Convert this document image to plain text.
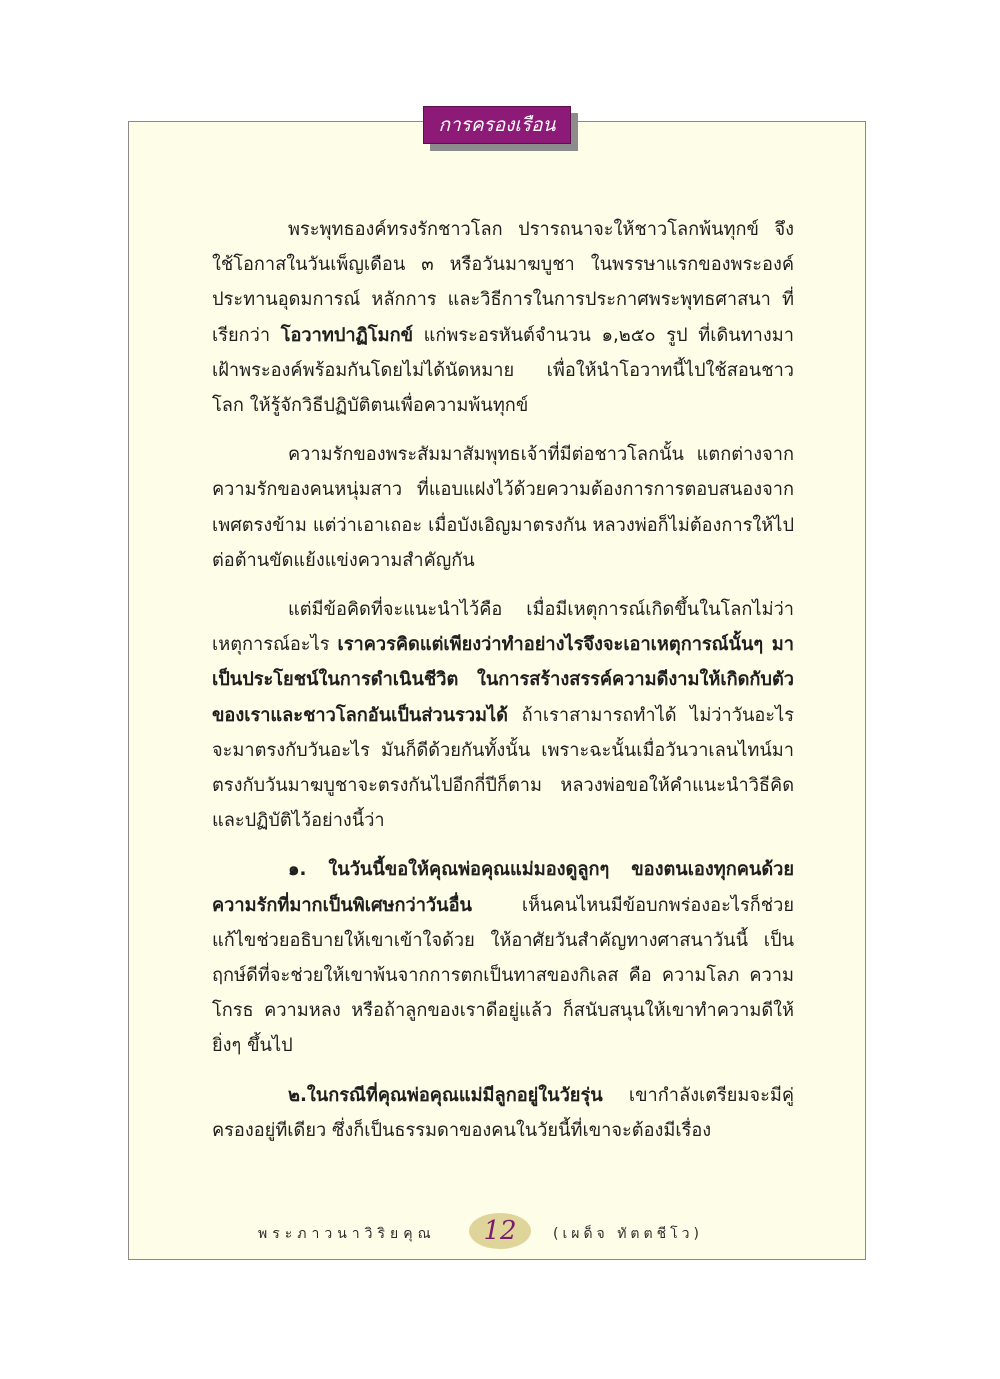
การครองเรือน

พระพุทธองค์ทรงรักชาวโลก ปรารถนาจะให้ชาวโลกพ้นทุกข์ จึงใช้โอกาสในวันเพ็ญเดือน ๓ หรือวันมาฆบูชา ในพรรษาแรกของพระองค์ประทานอุดมการณ์ หลักการ และวิธีการในการประกาศพระพุทธศาสนา ที่เรียกว่า โอวาทปาฏิโมกข์ แก่พระอรหันต์จำนวน ๑,๒๕๐ รูป ที่เดินทางมาเฝ้าพระองค์พร้อมกันโดยไม่ได้นัดหมาย เพื่อให้นำโอวาทนี้ไปใช้สอนชาวโลก ให้รู้จักวิธีปฏิบัติตนเพื่อความพ้นทุกข์

ความรักของพระสัมมาสัมพุทธเจ้าที่มีต่อชาวโลกนั้น แตกต่างจากความรักของคนหนุ่มสาว ที่แอบแฝงไว้ด้วยความต้องการการตอบสนองจากเพศตรงข้าม แต่ว่าเอาเถอะ เมื่อบังเอิญมาตรงกัน หลวงพ่อก็ไม่ต้องการให้ไปต่อต้านขัดแย้งแข่งความสำคัญกัน

แต่มีข้อคิดที่จะแนะนำไว้คือ เมื่อมีเหตุการณ์เกิดขึ้นในโลกไม่ว่าเหตุการณ์อะไร เราควรคิดแต่เพียงว่าทำอย่างไรจึงจะเอาเหตุการณ์นั้นๆ มาเป็นประโยชน์ในการดำเนินชีวิต ในการสร้างสรรค์ความดีงามให้เกิดกับตัวของเราและชาวโลกอันเป็นส่วนรวมได้ ถ้าเราสามารถทำได้ ไม่ว่าวันอะไรจะมาตรงกับวันอะไร มันก็ดีด้วยกันทั้งนั้น เพราะฉะนั้นเมื่อวันวาเลนไทน์มาตรงกับวันมาฆบูชาจะตรงกันไปอีกกี่ปีก็ตาม หลวงพ่อขอให้คำแนะนำวิธีคิดและปฏิบัติไว้อย่างนี้ว่า

๑. ในวันนี้ขอให้คุณพ่อคุณแม่มองดูลูกๆ ของตนเองทุกคนด้วยความรักที่มากเป็นพิเศษกว่าวันอื่น เห็นคนไหนมีข้อบกพร่องอะไรก็ช่วยแก้ไขช่วยอธิบายให้เขาเข้าใจด้วย ให้อาศัยวันสำคัญทางศาสนาวันนี้ เป็นฤกษ์ดีที่จะช่วยให้เขาพ้นจากการตกเป็นทาสของกิเลส คือ ความโลภ ความโกรธ ความหลง หรือถ้าลูกของเราดีอยู่แล้ว ก็สนับสนุนให้เขาทำความดีให้ยิ่งๆ ขึ้นไป

๒.ในกรณีที่คุณพ่อคุณแม่มีลูกอยู่ในวัยรุ่น เขากำลังเตรียมจะมีคู่ครองอยู่ทีเดียว ซึ่งก็เป็นธรรมดาของคนในวัยนี้ที่เขาจะต้องมีเรื่อง

พระภาวนาวิริยคุณ	12	(เผด็จ ทัตตชีโว)
